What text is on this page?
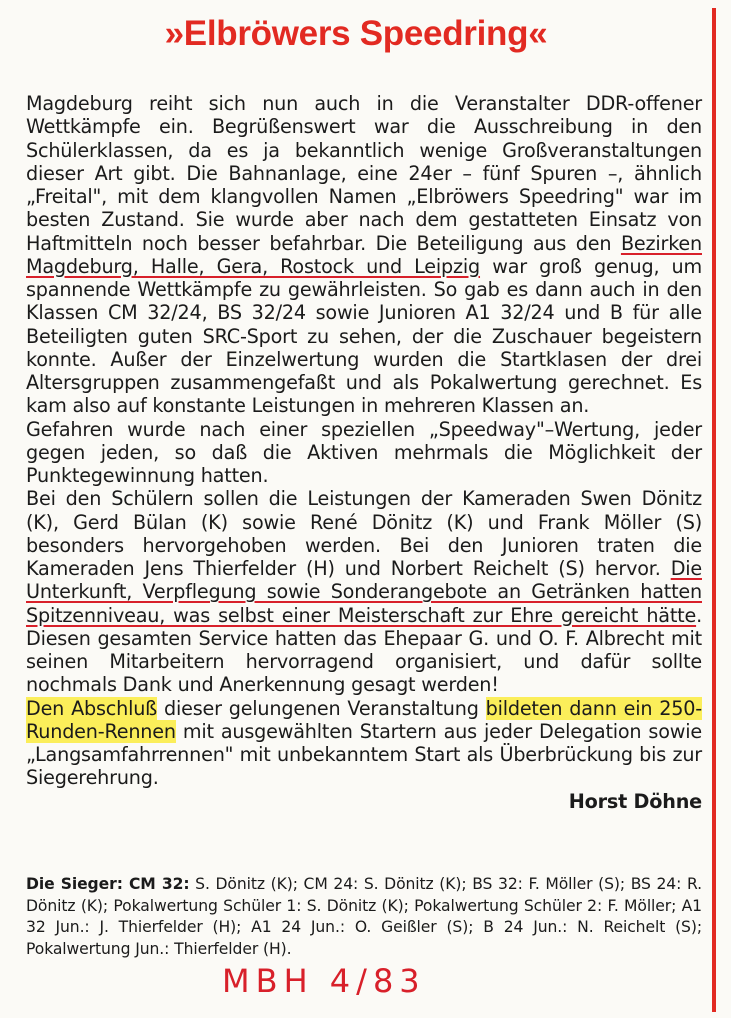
»Elbröwers Speedring«

Magdeburg reiht sich nun auch in die Veranstalter DDR-offener Wettkämpfe ein. Begrüßenswert war die Ausschreibung in den Schülerklassen, da es ja bekanntlich wenige Großveranstaltungen dieser Art gibt. Die Bahnanlage, eine 24er – fünf Spuren –, ähnlich „Freital", mit dem klangvollen Namen „Elbröwers Speedring" war im besten Zustand. Sie wurde aber nach dem gestatteten Einsatz von Haftmitteln noch besser befahrbar. Die Beteiligung aus den Bezirken Magdeburg, Halle, Gera, Rostock und Leipzig war groß genug, um spannende Wettkämpfe zu gewährleisten. So gab es dann auch in den Klassen CM 32/24, BS 32/24 sowie Junioren A1 32/24 und B für alle Beteiligten guten SRC-Sport zu sehen, der die Zuschauer begeistern konnte. Außer der Einzelwertung wurden die Startklasen der drei Altersgruppen zusammengefaßt und als Pokalwertung gerechnet. Es kam also auf konstante Leistungen in mehreren Klassen an.

Gefahren wurde nach einer speziellen „Speedway"–Wertung, jeder gegen jeden, so daß die Aktiven mehrmals die Möglichkeit der Punktegewinnung hatten.

Bei den Schülern sollen die Leistungen der Kameraden Swen Dönitz (K), Gerd Bülan (K) sowie René Dönitz (K) und Frank Möller (S) besonders hervorgehoben werden. Bei den Junioren traten die Kameraden Jens Thierfelder (H) und Norbert Reichelt (S) hervor. Die Unterkunft, Verpflegung sowie Sonderangebote an Getränken hatten Spitzenniveau, was selbst einer Meisterschaft zur Ehre gereicht hätte. Diesen gesamten Service hatten das Ehepaar G. und O. F. Albrecht mit seinen Mitarbeitern hervorragend organisiert, und dafür sollte nochmals Dank und Anerkennung gesagt werden!

Den Abschluß dieser gelungenen Veranstaltung bildeten dann ein 250-Runden-Rennen mit ausgewählten Startern aus jeder Delegation sowie „Langsamfahrrennen" mit unbekanntem Start als Überbrückung bis zur Siegerehrung.

Horst Döhne
Die Sieger: CM 32: S. Dönitz (K); CM 24: S. Dönitz (K); BS 32: F. Möller (S); BS 24: R. Dönitz (K); Pokalwertung Schüler 1: S. Dönitz (K); Pokalwertung Schüler 2: F. Möller; A1 32 Jun.: J. Thierfelder (H); A1 24 Jun.: O. Geißler (S); B 24 Jun.: N. Reichelt (S); Pokalwertung Jun.: Thierfelder (H).
MBH 4/83
